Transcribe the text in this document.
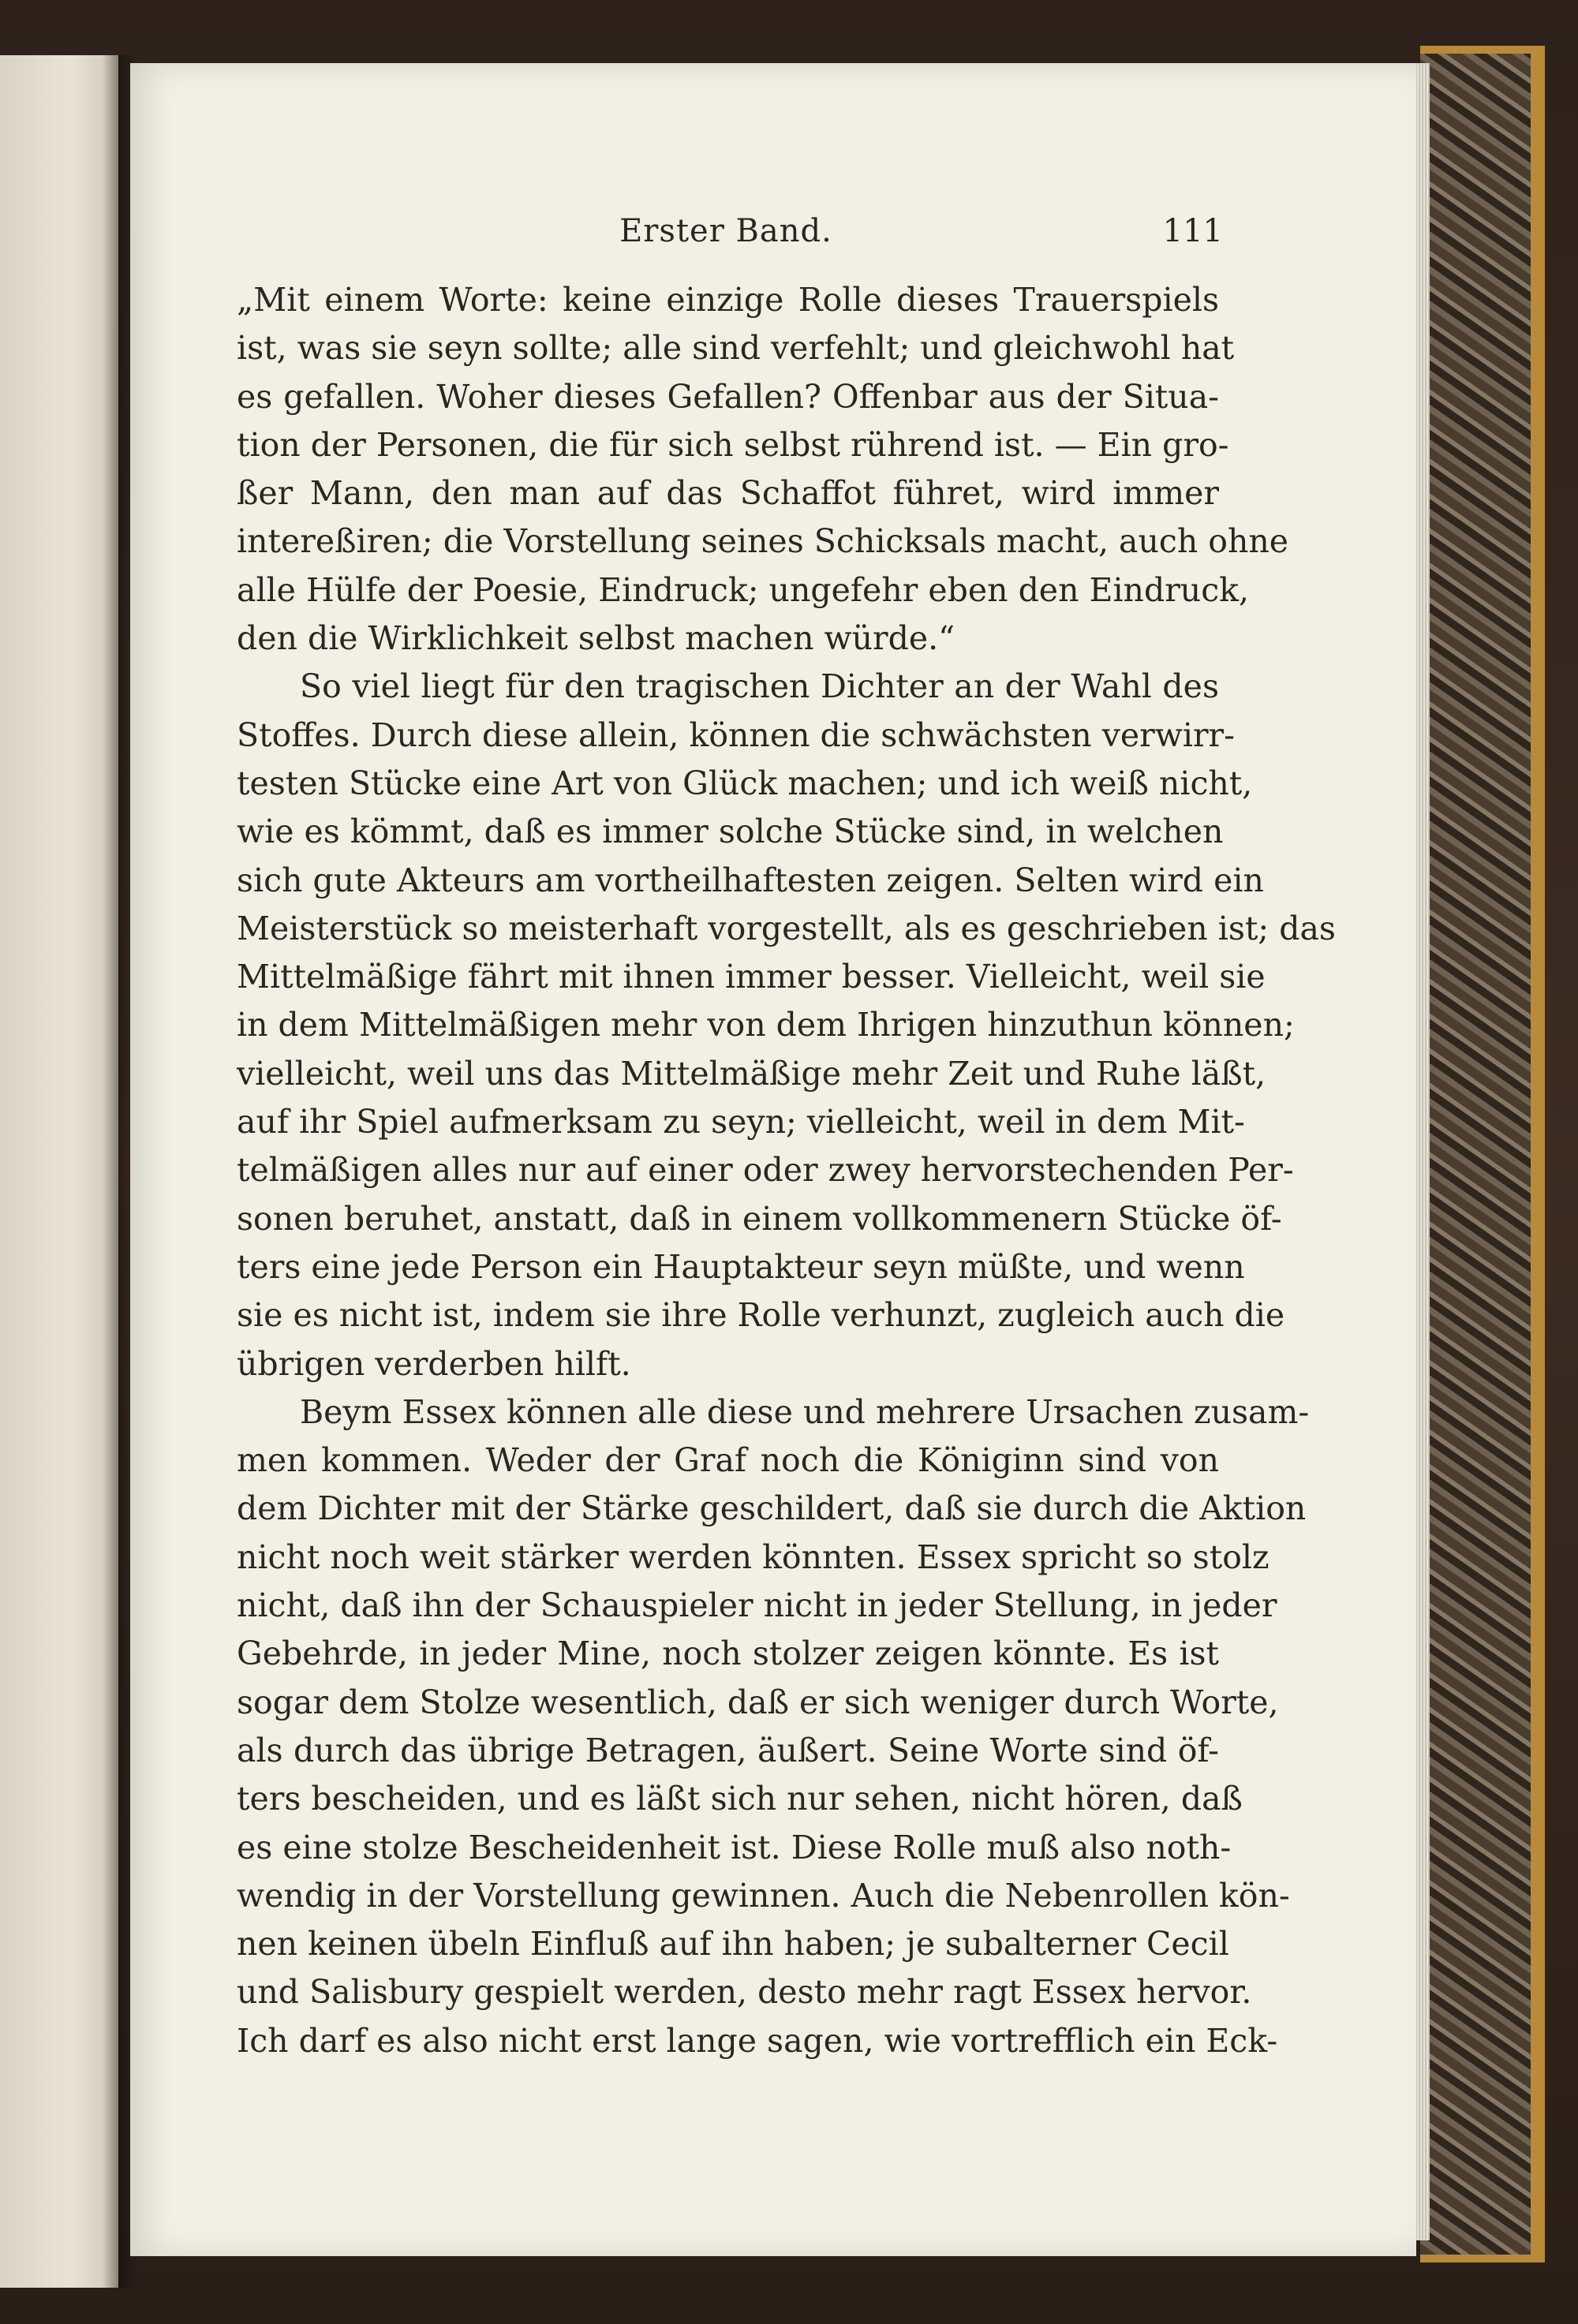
Erster Band.	111
„Mit einem Worte: keine einzige Rolle dieses Trauerspiels
ist, was sie seyn sollte; alle sind verfehlt; und gleichwohl hat
es gefallen. Woher dieses Gefallen? Offenbar aus der Situa-
tion der Personen, die für sich selbst rührend ist. — Ein gro-
ßer Mann, den man auf das Schaffot führet, wird immer
intereßiren; die Vorstellung seines Schicksals macht, auch ohne
alle Hülfe der Poesie, Eindruck; ungefehr eben den Eindruck,
den die Wirklichkeit selbst machen würde.“
So viel liegt für den tragischen Dichter an der Wahl des
Stoffes. Durch diese allein, können die schwächsten verwirr-
testen Stücke eine Art von Glück machen; und ich weiß nicht,
wie es kömmt, daß es immer solche Stücke sind, in welchen
sich gute Akteurs am vortheilhaftesten zeigen. Selten wird ein
Meisterstück so meisterhaft vorgestellt, als es geschrieben ist; das
Mittelmäßige fährt mit ihnen immer besser. Vielleicht, weil sie
in dem Mittelmäßigen mehr von dem Ihrigen hinzuthun können;
vielleicht, weil uns das Mittelmäßige mehr Zeit und Ruhe läßt,
auf ihr Spiel aufmerksam zu seyn; vielleicht, weil in dem Mit-
telmäßigen alles nur auf einer oder zwey hervorstechenden Per-
sonen beruhet, anstatt, daß in einem vollkommenern Stücke öf-
ters eine jede Person ein Hauptakteur seyn müßte, und wenn
sie es nicht ist, indem sie ihre Rolle verhunzt, zugleich auch die
übrigen verderben hilft.
Beym Essex können alle diese und mehrere Ursachen zusam-
men kommen. Weder der Graf noch die Königinn sind von
dem Dichter mit der Stärke geschildert, daß sie durch die Aktion
nicht noch weit stärker werden könnten. Essex spricht so stolz
nicht, daß ihn der Schauspieler nicht in jeder Stellung, in jeder
Gebehrde, in jeder Mine, noch stolzer zeigen könnte. Es ist
sogar dem Stolze wesentlich, daß er sich weniger durch Worte,
als durch das übrige Betragen, äußert. Seine Worte sind öf-
ters bescheiden, und es läßt sich nur sehen, nicht hören, daß
es eine stolze Bescheidenheit ist. Diese Rolle muß also noth-
wendig in der Vorstellung gewinnen. Auch die Nebenrollen kön-
nen keinen übeln Einfluß auf ihn haben; je subalterner Cecil
und Salisbury gespielt werden, desto mehr ragt Essex hervor.
Ich darf es also nicht erst lange sagen, wie vortrefflich ein Eck-
